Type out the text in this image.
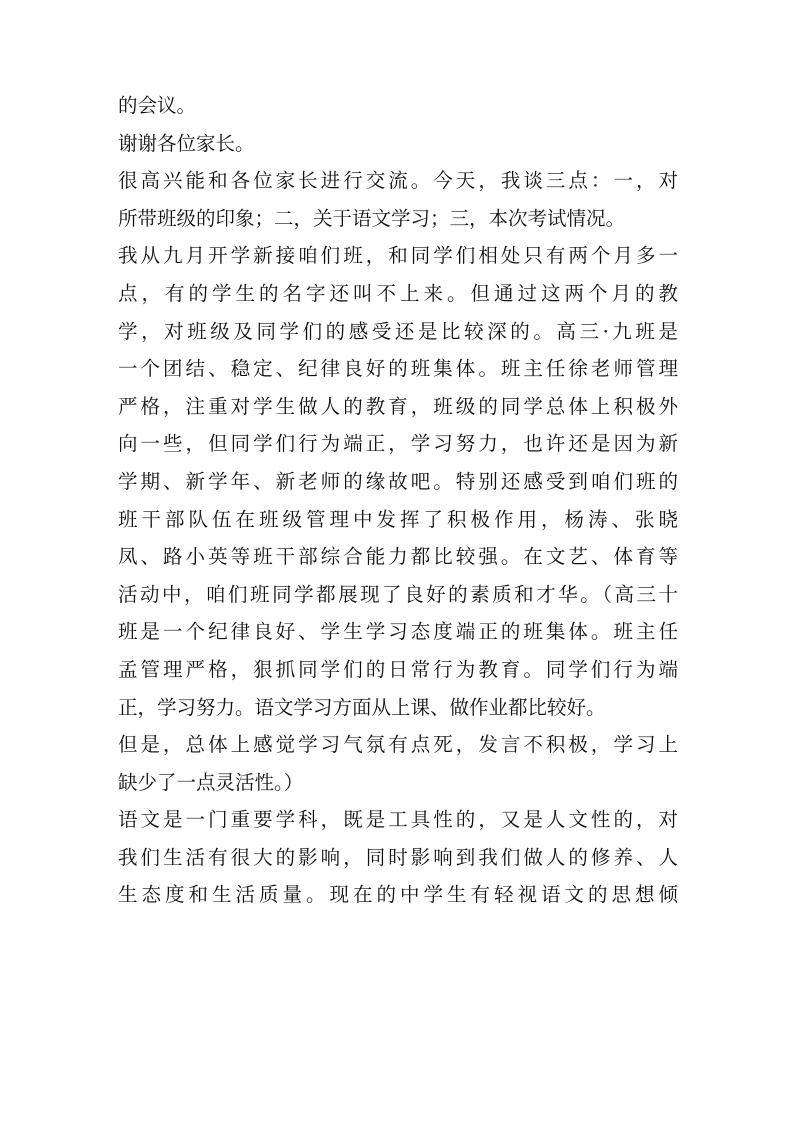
的会议。
谢谢各位家长。
很高兴能和各位家长进行交流。今天，我谈三点：一，对
所带班级的印象；二，关于语文学习；三，本次考试情况。
我从九月开学新接咱们班，和同学们相处只有两个月多一
点，有的学生的名字还叫不上来。但通过这两个月的教
学，对班级及同学们的感受还是比较深的。高三·九班是
一个团结、稳定、纪律良好的班集体。班主任徐老师管理
严格，注重对学生做人的教育，班级的同学总体上积极外
向一些，但同学们行为端正，学习努力，也许还是因为新
学期、新学年、新老师的缘故吧。特别还感受到咱们班的
班干部队伍在班级管理中发挥了积极作用，杨涛、张晓
凤、路小英等班干部综合能力都比较强。在文艺、体育等
活动中，咱们班同学都展现了良好的素质和才华。（高三十
班是一个纪律良好、学生学习态度端正的班集体。班主任
孟管理严格，狠抓同学们的日常行为教育。同学们行为端
正，学习努力。语文学习方面从上课、做作业都比较好。
但是，总体上感觉学习气氛有点死，发言不积极，学习上
缺少了一点灵活性。）
语文是一门重要学科，既是工具性的，又是人文性的，对
我们生活有很大的影响，同时影响到我们做人的修养、人
生态度和生活质量。现在的中学生有轻视语文的思想倾
